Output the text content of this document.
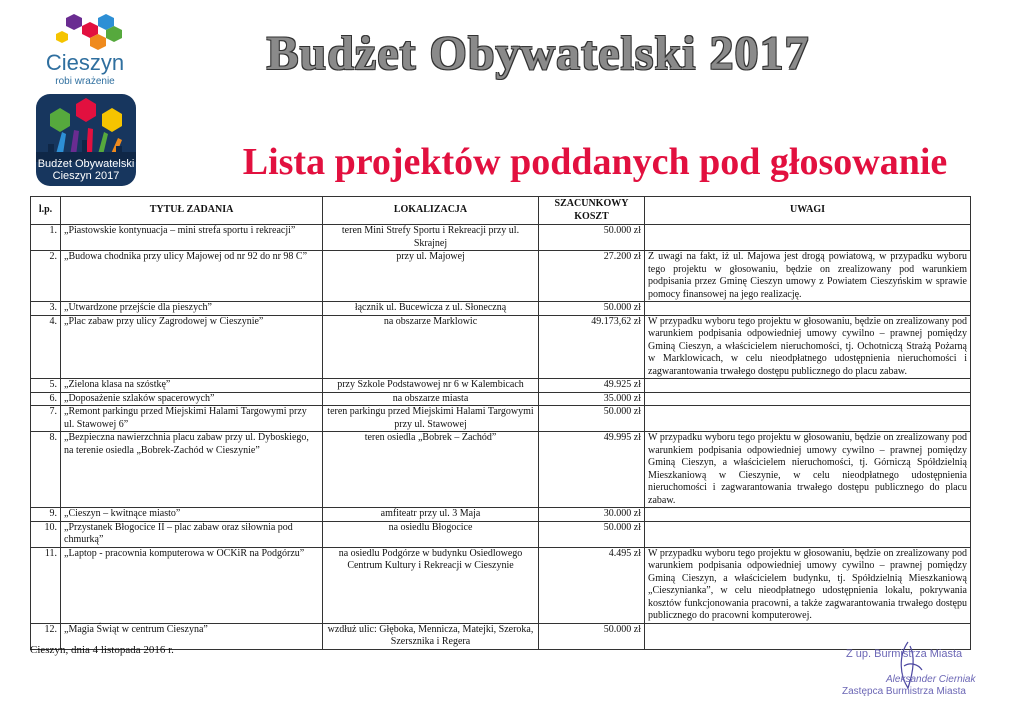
Cieszyn
robi wrażenie
Budżet Obywatelski
Cieszyn 2017
Budżet Obywatelski 2017
Lista projektów poddanych pod głosowanie
l.p.	TYTUŁ ZADANIA	LOKALIZACJA	SZACUNKOWY KOSZT	UWAGI
1.	„Piastowskie kontynuacja – mini strefa sportu i rekreacji”	teren Mini Strefy Sportu i Rekreacji przy ul. Skrajnej	50.000 zł	
2.	„Budowa chodnika przy ulicy Majowej od nr 92 do nr 98 C”	przy ul. Majowej	27.200 zł	Z uwagi na fakt, iż ul. Majowa jest drogą powiatową, w przypadku wyboru tego projektu w głosowaniu, będzie on zrealizowany pod warunkiem podpisania przez Gminę Cieszyn umowy z Powiatem Cieszyńskim w sprawie pomocy finansowej na jego realizację.
3.	„Utwardzone przejście dla pieszych”	łącznik ul. Bucewicza z ul. Słoneczną	50.000 zł	
4.	„Plac zabaw przy ulicy Zagrodowej w Cieszynie”	na obszarze Marklowic	49.173,62 zł	W przypadku wyboru tego projektu w głosowaniu, będzie on zrealizowany pod warunkiem podpisania odpowiedniej umowy cywilno – prawnej pomiędzy Gminą Cieszyn, a właścicielem nieruchomości, tj. Ochotniczą Strażą Pożarną w Marklowicach, w celu nieodpłatnego udostępnienia nieruchomości i zagwarantowania trwałego dostępu publicznego do placu zabaw.
5.	„Zielona klasa na szóstkę”	przy Szkole Podstawowej nr 6 w Kalembicach	49.925 zł	
6.	„Doposażenie szlaków spacerowych”	na obszarze miasta	35.000 zł	
7.	„Remont parkingu przed Miejskimi Halami Targowymi przy ul. Stawowej 6”	teren parkingu przed Miejskimi Halami Targowymi przy ul. Stawowej	50.000 zł	
8.	„Bezpieczna nawierzchnia placu zabaw przy ul. Dyboskiego, na terenie osiedla „Bobrek-Zachód w Cieszynie”	teren osiedla „Bobrek – Zachód”	49.995 zł	W przypadku wyboru tego projektu w głosowaniu, będzie on zrealizowany pod warunkiem podpisania odpowiedniej umowy cywilno – prawnej pomiędzy Gminą Cieszyn, a właścicielem nieruchomości, tj. Górniczą Spółdzielnią Mieszkaniową w Cieszynie, w celu nieodpłatnego udostępnienia nieruchomości i zagwarantowania trwałego dostępu publicznego do placu zabaw.
9.	„Cieszyn – kwitnące miasto”	amfiteatr przy ul. 3 Maja	30.000 zł	
10.	„Przystanek Błogocice II – plac zabaw oraz siłownia pod chmurką”	na osiedlu Błogocice	50.000 zł	
11.	„Laptop - pracownia komputerowa w OCKiR na Podgórzu”	na osiedlu Podgórze w budynku Osiedlowego Centrum Kultury i Rekreacji w Cieszynie	4.495 zł	W przypadku wyboru tego projektu w głosowaniu, będzie on zrealizowany pod warunkiem podpisania odpowiedniej umowy cywilno – prawnej pomiędzy Gminą Cieszyn, a właścicielem budynku, tj. Spółdzielnią Mieszkaniową „Cieszynianka”, w celu nieodpłatnego udostępnienia lokalu, pokrywania kosztów funkcjonowania pracowni, a także zagwarantowania trwałego dostępu publicznego do pracowni komputerowej.
12.	„Magia Świąt w centrum Cieszyna”	wzdłuż ulic: Głęboka, Mennicza, Matejki, Szeroka, Szersznika i Regera	50.000 zł	
Cieszyn, dnia 4 listopada 2016 r.	Z up. Burmistrza Miasta
Aleksander Cierniak
Zastępca Burmistrza Miasta
